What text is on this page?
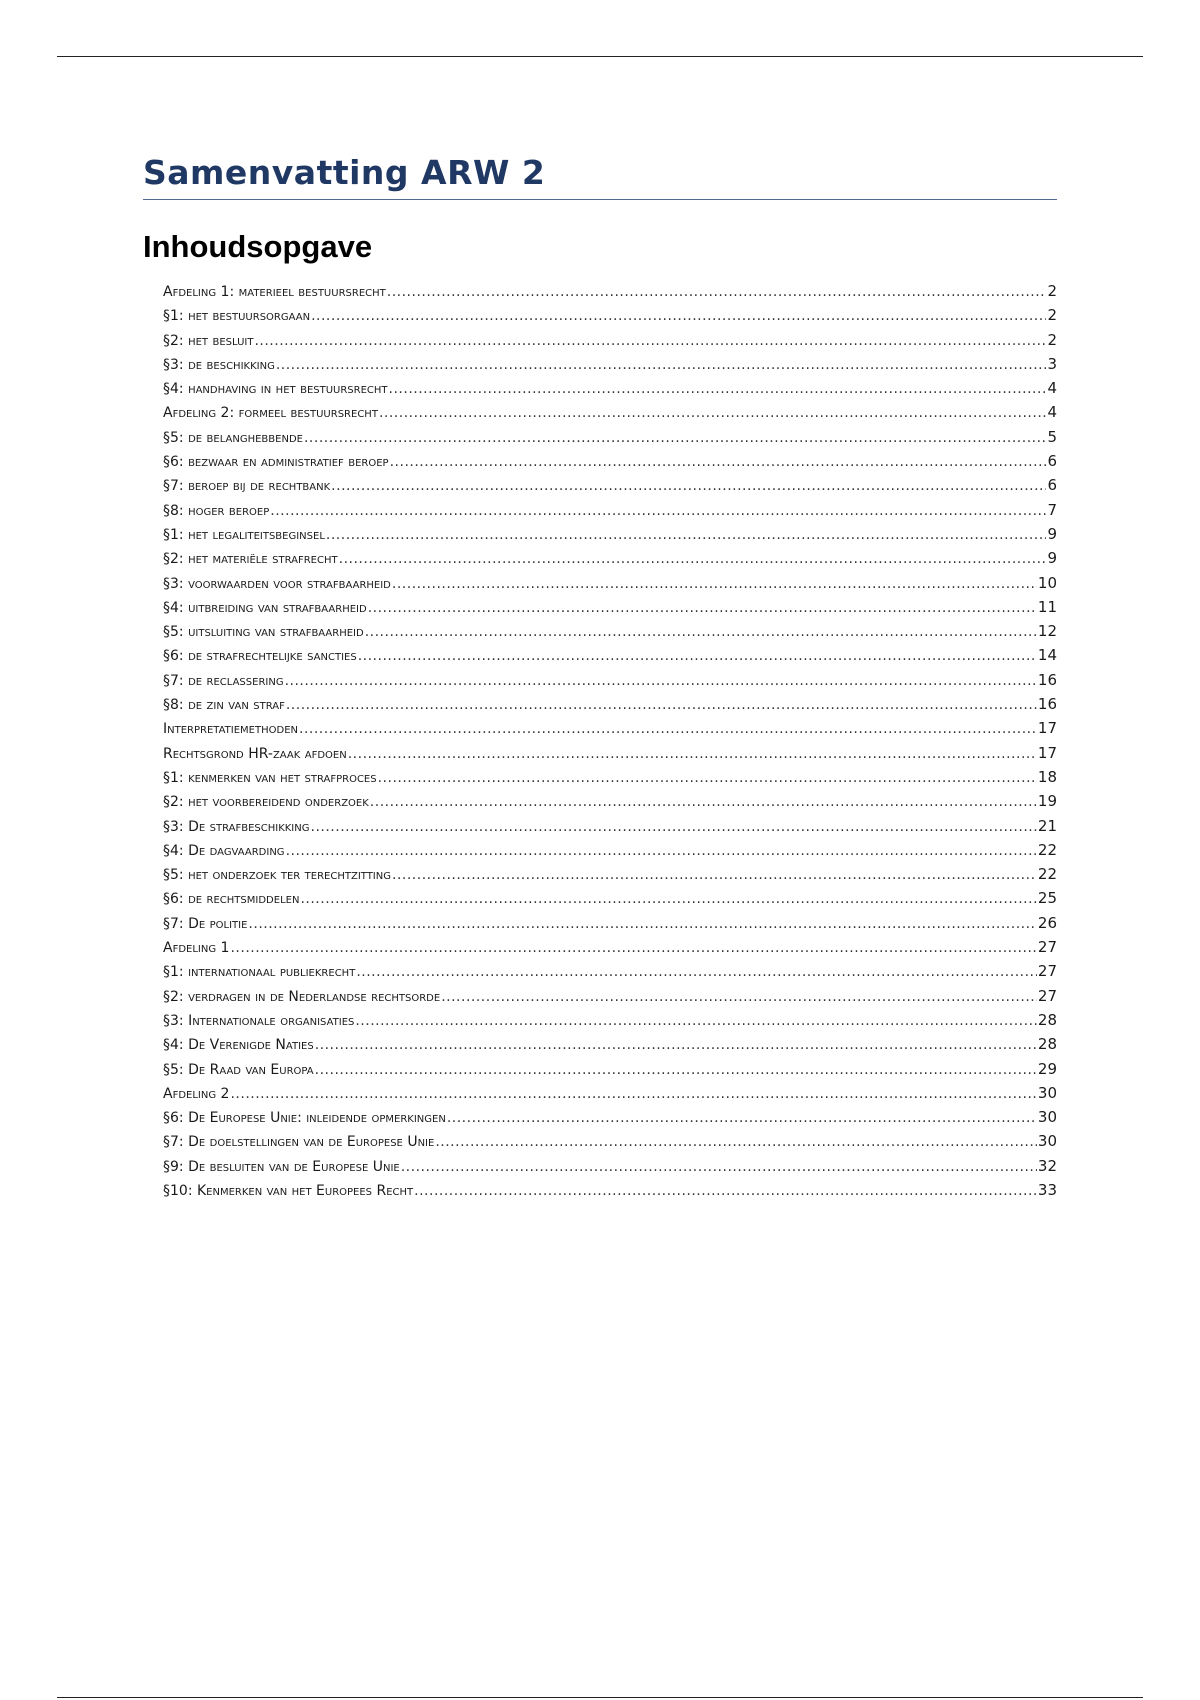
Samenvatting ARW 2
Inhoudsopgave
Afdeling 1: materieel bestuursrecht .....	2
§1: het bestuursorgaan .....	2
§2: het besluit .....	2
§3: de beschikking .....	3
§4: handhaving in het bestuursrecht .....	4
Afdeling 2: formeel bestuursrecht .....	4
§5: de belanghebbende .....	5
§6: bezwaar en administratief beroep .....	6
§7: beroep bij de rechtbank .....	6
§8: hoger beroep .....	7
§1: het legaliteitsbeginsel .....	9
§2: het materiële strafrecht .....	9
§3: voorwaarden voor strafbaarheid .....	10
§4: uitbreiding van strafbaarheid .....	11
§5: uitsluiting van strafbaarheid .....	12
§6: de strafrechtelijke sancties .....	14
§7: de reclassering .....	16
§8: de zin van straf .....	16
Interpretatiemethoden .....	17
Rechtsgrond HR-zaak afdoen .....	17
§1: kenmerken van het strafproces .....	18
§2: het voorbereidend onderzoek .....	19
§3: De strafbeschikking .....	21
§4: De dagvaarding .....	22
§5: het onderzoek ter terechtzitting .....	22
§6: de rechtsmiddelen .....	25
§7: De politie .....	26
Afdeling 1 .....	27
§1: internationaal publiekrecht .....	27
§2: verdragen in de Nederlandse rechtsorde .....	27
§3: Internationale organisaties .....	28
§4: De Verenigde Naties .....	28
§5: De Raad van Europa .....	29
Afdeling 2 .....	30
§6: De Europese Unie: inleidende opmerkingen .....	30
§7: De doelstellingen van de Europese Unie .....	30
§9: De besluiten van de Europese Unie .....	32
§10: Kenmerken van het Europees Recht .....	33
